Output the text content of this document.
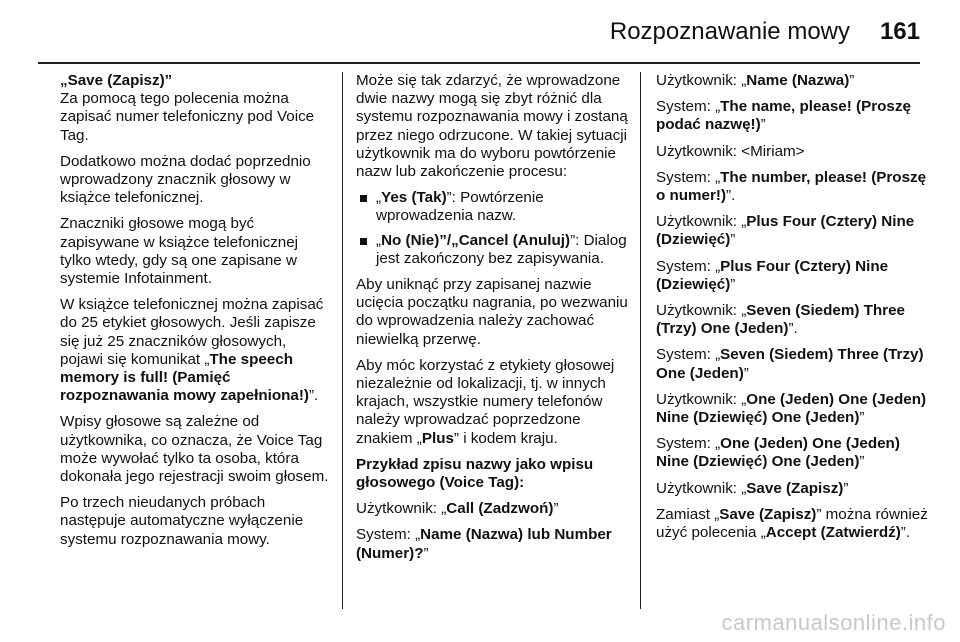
Rozpoznawanie mowy 161

„Save (Zapisz)”

Za pomocą tego polecenia można zapisać numer telefoniczny pod Voice Tag.

Dodatkowo można dodać poprzednio wprowadzony znacznik głosowy w książce telefonicznej.

Znaczniki głosowe mogą być zapisywane w książce telefonicznej tylko wtedy, gdy są one zapisane w systemie Infotainment.

W książce telefonicznej można zapisać do 25 etykiet głosowych. Jeśli zapisze się już 25 znaczników głosowych, pojawi się komunikat „The speech memory is full! (Pamięć rozpoznawania mowy zapełniona!)”.

Wpisy głosowe są zależne od użytkownika, co oznacza, że Voice Tag może wywołać tylko ta osoba, która dokonała jego rejestracji swoim głosem.

Po trzech nieudanych próbach następuje automatyczne wyłączenie systemu rozpoznawania mowy.

Może się tak zdarzyć, że wprowadzone dwie nazwy mogą się zbyt różnić dla systemu rozpoznawania mowy i zostaną przez niego odrzucone. W takiej sytuacji użytkownik ma do wyboru powtórzenie nazw lub zakończenie procesu:

„Yes (Tak)”: Powtórzenie wprowadzenia nazw.
„No (Nie)”/„Cancel (Anuluj)”: Dialog jest zakończony bez zapisywania.

Aby uniknąć przy zapisanej nazwie ucięcia początku nagrania, po wezwaniu do wprowadzenia należy zachować niewielką przerwę.

Aby móc korzystać z etykiety głosowej niezależnie od lokalizacji, tj. w innych krajach, wszystkie numery telefonów należy wprowadzać poprzedzone znakiem „Plus” i kodem kraju.

Przykład zpisu nazwy jako wpisu głosowego (Voice Tag):

Użytkownik: „Call (Zadzwoń)”

System: „Name (Nazwa) lub Number (Numer)?”

Użytkownik: „Name (Nazwa)”

System: „The name, please! (Proszę podać nazwę!)”

Użytkownik: <Miriam>

System: „The number, please! (Proszę o numer!)”.

Użytkownik: „Plus Four (Cztery) Nine (Dziewięć)”

System: „Plus Four (Cztery) Nine (Dziewięć)”

Użytkownik: „Seven (Siedem) Three (Trzy) One (Jeden)”.

System: „Seven (Siedem) Three (Trzy) One (Jeden)”

Użytkownik: „One (Jeden) One (Jeden) Nine (Dziewięć) One (Jeden)”

System: „One (Jeden) One (Jeden) Nine (Dziewięć) One (Jeden)”

Użytkownik: „Save (Zapisz)”

Zamiast „Save (Zapisz)” można również użyć polecenia „Accept (Zatwierdź)”.

carmanualsonline.info
